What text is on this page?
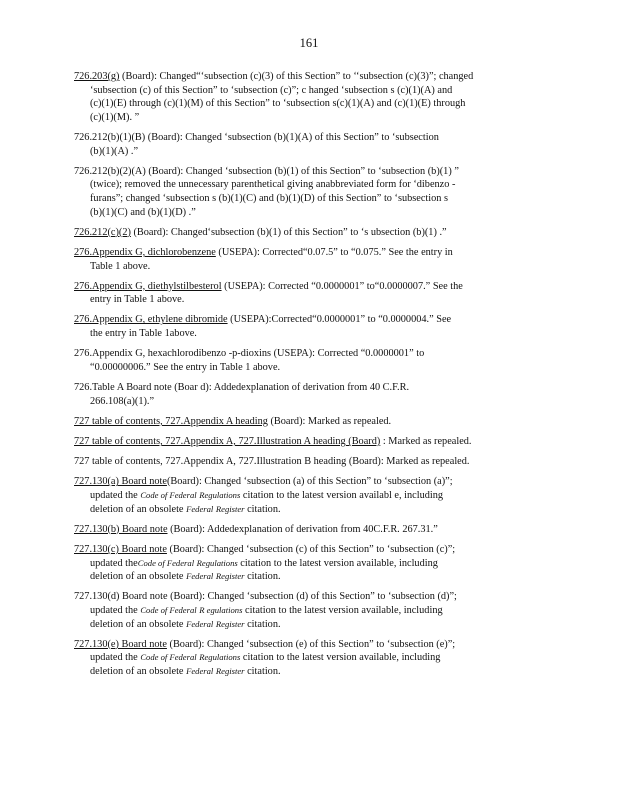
161
726.203(g) (Board): Changed“‘subsection (c)(3) of this Section” to ‘‘subsection (c)(3)”; changed
‘subsection (c) of this Section” to ‘subsection (c)”; c hanged ‘subsection s (c)(1)(A) and
(c)(1)(E) through (c)(1)(M) of this Section” to ‘subsection s(c)(1)(A) and (c)(1)(E) through
(c)(1)(M). ”
726.212(b)(1)(B) (Board): Changed ‘subsection (b)(1)(A) of this Section” to ‘subsection
(b)(1)(A) .”
726.212(b)(2)(A) (Board): Changed ‘subsection (b)(1) of this Section” to ‘subsection (b)(1) ”
(twice); removed the unnecessary parenthetical giving anabbreviated form for ‘dibenzo -
furans”; changed ‘subsection s (b)(1)(C) and (b)(1)(D) of this Section” to ‘subsection s
(b)(1)(C) and (b)(1)(D) .”
726.212(c)(2) (Board): Changed‘subsection (b)(1) of this Section” to ‘s ubsection (b)(1) .”
276.Appendix G, dichlorobenzene (USEPA): Corrected“0.07.5” to “0.075.” See the entry in
Table 1 above.
276.Appendix G, diethylstilbesterol (USEPA): Corrected “0.0000001” to“0.0000007.” See the
entry in Table 1 above.
276.Appendix G, ethylene dibromide (USEPA):Corrected“0.0000001” to “0.0000004.” See
the entry in Table 1above.
276.Appendix G, hexachlorodibenzo -p-dioxins (USEPA): Corrected “0.0000001” to
“0.00000006.” See the entry in Table 1 above.
726.Table A Board note (Boar d): Addedexplanation of derivation from 40 C.F.R.
266.108(a)(1).”
727 table of contents, 727.Appendix A heading (Board): Marked as repealed.
727 table of contents, 727.Appendix A, 727.Illustration A heading (Board) : Marked as repealed.
727 table of contents, 727.Appendix A, 727.Illustration B heading (Board): Marked as repealed.
727.130(a) Board note(Board): Changed ‘subsection (a) of this Section” to ‘subsection (a)”;
updated the Code of Federal Regulations citation to the latest version availabl e, including
deletion of an obsolete Federal Register citation.
727.130(b) Board note (Board): Addedexplanation of derivation from 40C.F.R. 267.31.”
727.130(c) Board note (Board): Changed ‘subsection (c) of this Section” to ‘subsection (c)”;
updated theCode of Federal Regulations citation to the latest version available, including
deletion of an obsolete Federal Register citation.
727.130(d) Board note (Board): Changed ‘subsection (d) of this Section” to ‘subsection (d)”;
updated the Code of Federal R egulations citation to the latest version available, including
deletion of an obsolete Federal Register citation.
727.130(e) Board note (Board): Changed ‘subsection (e) of this Section” to ‘subsection (e)”;
updated the Code of Federal Regulations citation to the latest version available, including
deletion of an obsolete Federal Register citation.
